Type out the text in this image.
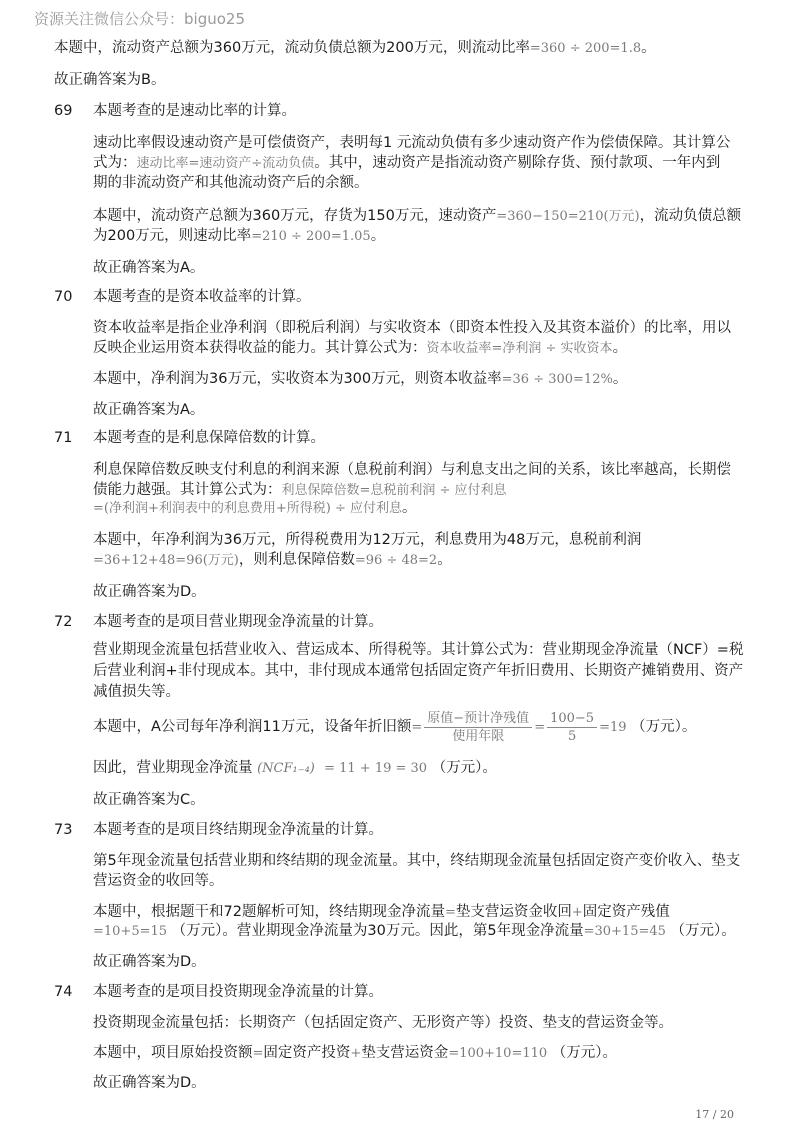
资源关注微信公众号：biguo25
本题中，流动资产总额为360万元，流动负债总额为200万元，则流动比率=360 ÷ 200=1.8。
故正确答案为B。
69 本题考查的是速动比率的计算。
速动比率假设速动资产是可偿债资产，表明每1 元流动负债有多少速动资产作为偿债保障。其计算公
式为：速动比率=速动资产÷流动负债。其中，速动资产是指流动资产剔除存货、预付款项、一年内到
期的非流动资产和其他流动资产后的余额。
本题中，流动资产总额为360万元，存货为150万元，速动资产=360−150=210(万元)，流动负债总额
为200万元，则速动比率=210 ÷ 200=1.05。
故正确答案为A。
70 本题考查的是资本收益率的计算。
资本收益率是指企业净利润（即税后利润）与实收资本（即资本性投入及其资本溢价）的比率，用以
反映企业运用资本获得收益的能力。其计算公式为：资本收益率=净利润 ÷ 实收资本。
本题中，净利润为36万元，实收资本为300万元，则资本收益率=36 ÷ 300=12%。
故正确答案为A。
71 本题考查的是利息保障倍数的计算。
利息保障倍数反映支付利息的利润来源（息税前利润）与利息支出之间的关系，该比率越高，长期偿
债能力越强。其计算公式为：利息保障倍数=息税前利润 ÷ 应付利息
=(净利润+利润表中的利息费用+所得税) ÷ 应付利息。
本题中，年净利润为36万元，所得税费用为12万元，利息费用为48万元，息税前利润
=36+12+48=96(万元)，则利息保障倍数=96 ÷ 48=2。
故正确答案为D。
72 本题考查的是项目营业期现金净流量的计算。
营业期现金流量包括营业收入、营运成本、所得税等。其计算公式为：营业期现金净流量（NCF）=税
后营业利润+非付现成本。其中，非付现成本通常包括固定资产年折旧费用、长期资产摊销费用、资产
减值损失等。
本题中，A公司每年净利润11万元，设备年折旧额= $\frac{\text{原值−预计净残值}}{\text{使用年限}} = \frac{100-5}{5} =19$ （万元）。
因此，营业期现金净流量 (NCF₁₋₄) = 11 + 19 = 30 （万元）。
故正确答案为C。
73 本题考查的是项目终结期现金净流量的计算。
第5年现金流量包括营业期和终结期的现金流量。其中，终结期现金流量包括固定资产变价收入、垫支
营运资金的收回等。
本题中，根据题干和72题解析可知，终结期现金净流量=垫支营运资金收回+固定资产残值
=10+5=15 （万元）。营业期现金净流量为30万元。因此，第5年现金净流量=30+15=45 （万元）。
故正确答案为D。
74 本题考查的是项目投资期现金净流量的计算。
投资期现金流量包括：长期资产（包括固定资产、无形资产等）投资、垫支的营运资金等。
本题中，项目原始投资额=固定资产投资+垫支营运资金=100+10=110 （万元）。
故正确答案为D。
17 / 20
